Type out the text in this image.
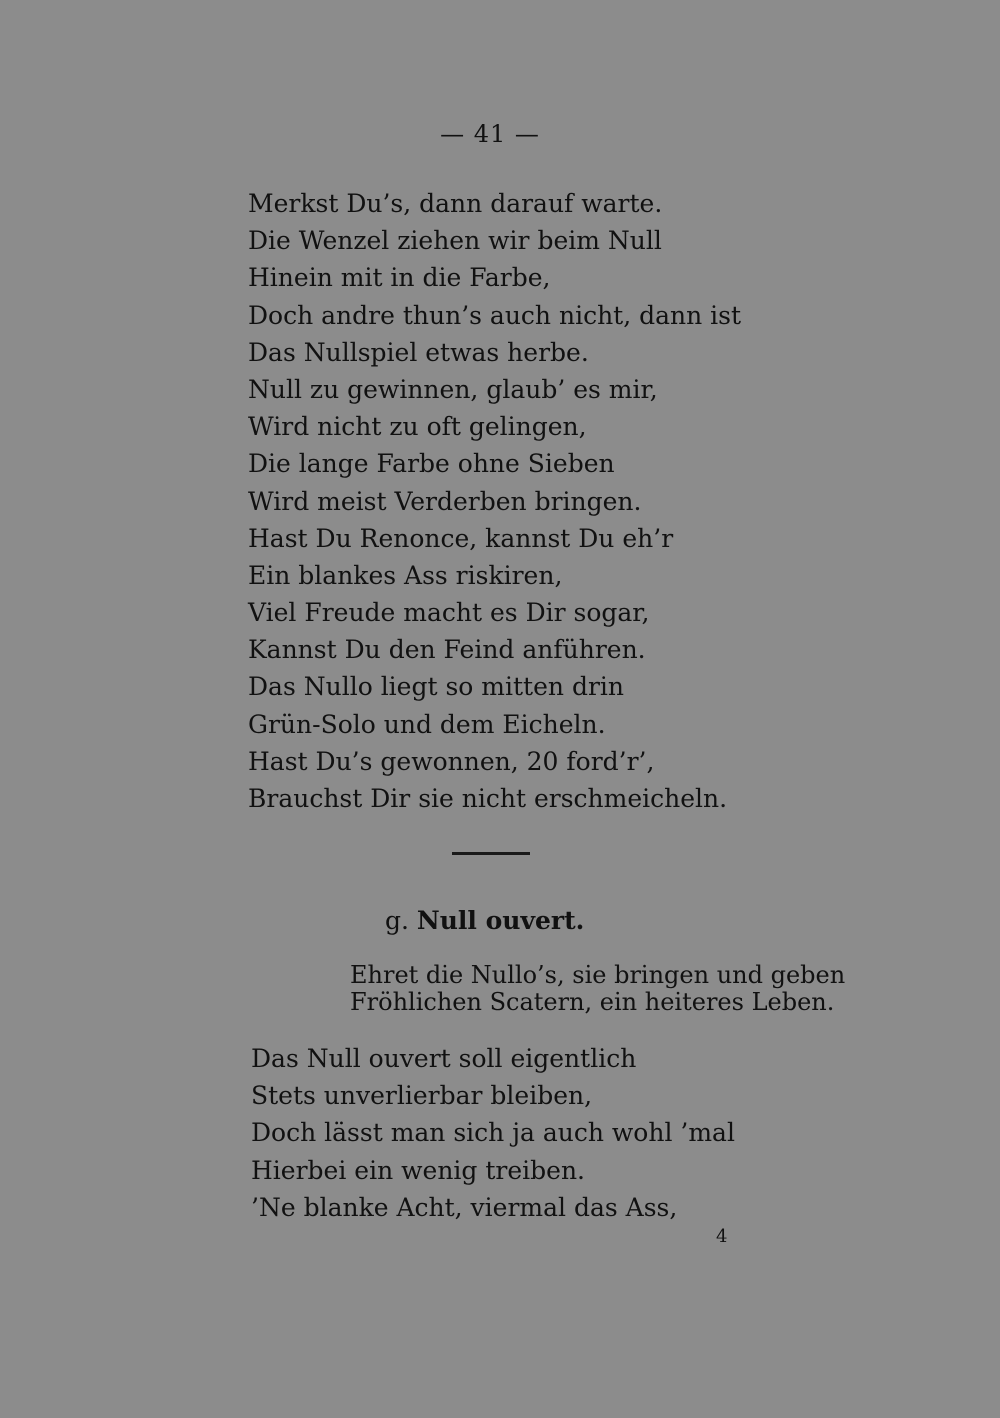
— 41 —
Merkst Du’s, dann darauf warte.
Die Wenzel ziehen wir beim Null
Hinein mit in die Farbe,
Doch andre thun’s auch nicht, dann ist
Das Nullspiel etwas herbe.
Null zu gewinnen, glaub’ es mir,
Wird nicht zu oft gelingen,
Die lange Farbe ohne Sieben
Wird meist Verderben bringen.
Hast Du Renonce, kannst Du eh’r
Ein blankes Ass riskiren,
Viel Freude macht es Dir sogar,
Kannst Du den Feind anführen.
Das Nullo liegt so mitten drin
Grün-Solo und dem Eicheln.
Hast Du’s gewonnen, 20 ford’r’,
Brauchst Dir sie nicht erschmeicheln.
g. Null ouvert.
Ehret die Nullo’s, sie bringen und geben
Fröhlichen Scatern, ein heiteres Leben.
Das Null ouvert soll eigentlich
Stets unverlierbar bleiben,
Doch lässt man sich ja auch wohl ’mal
Hierbei ein wenig treiben.
’Ne blanke Acht, viermal das Ass,
4
